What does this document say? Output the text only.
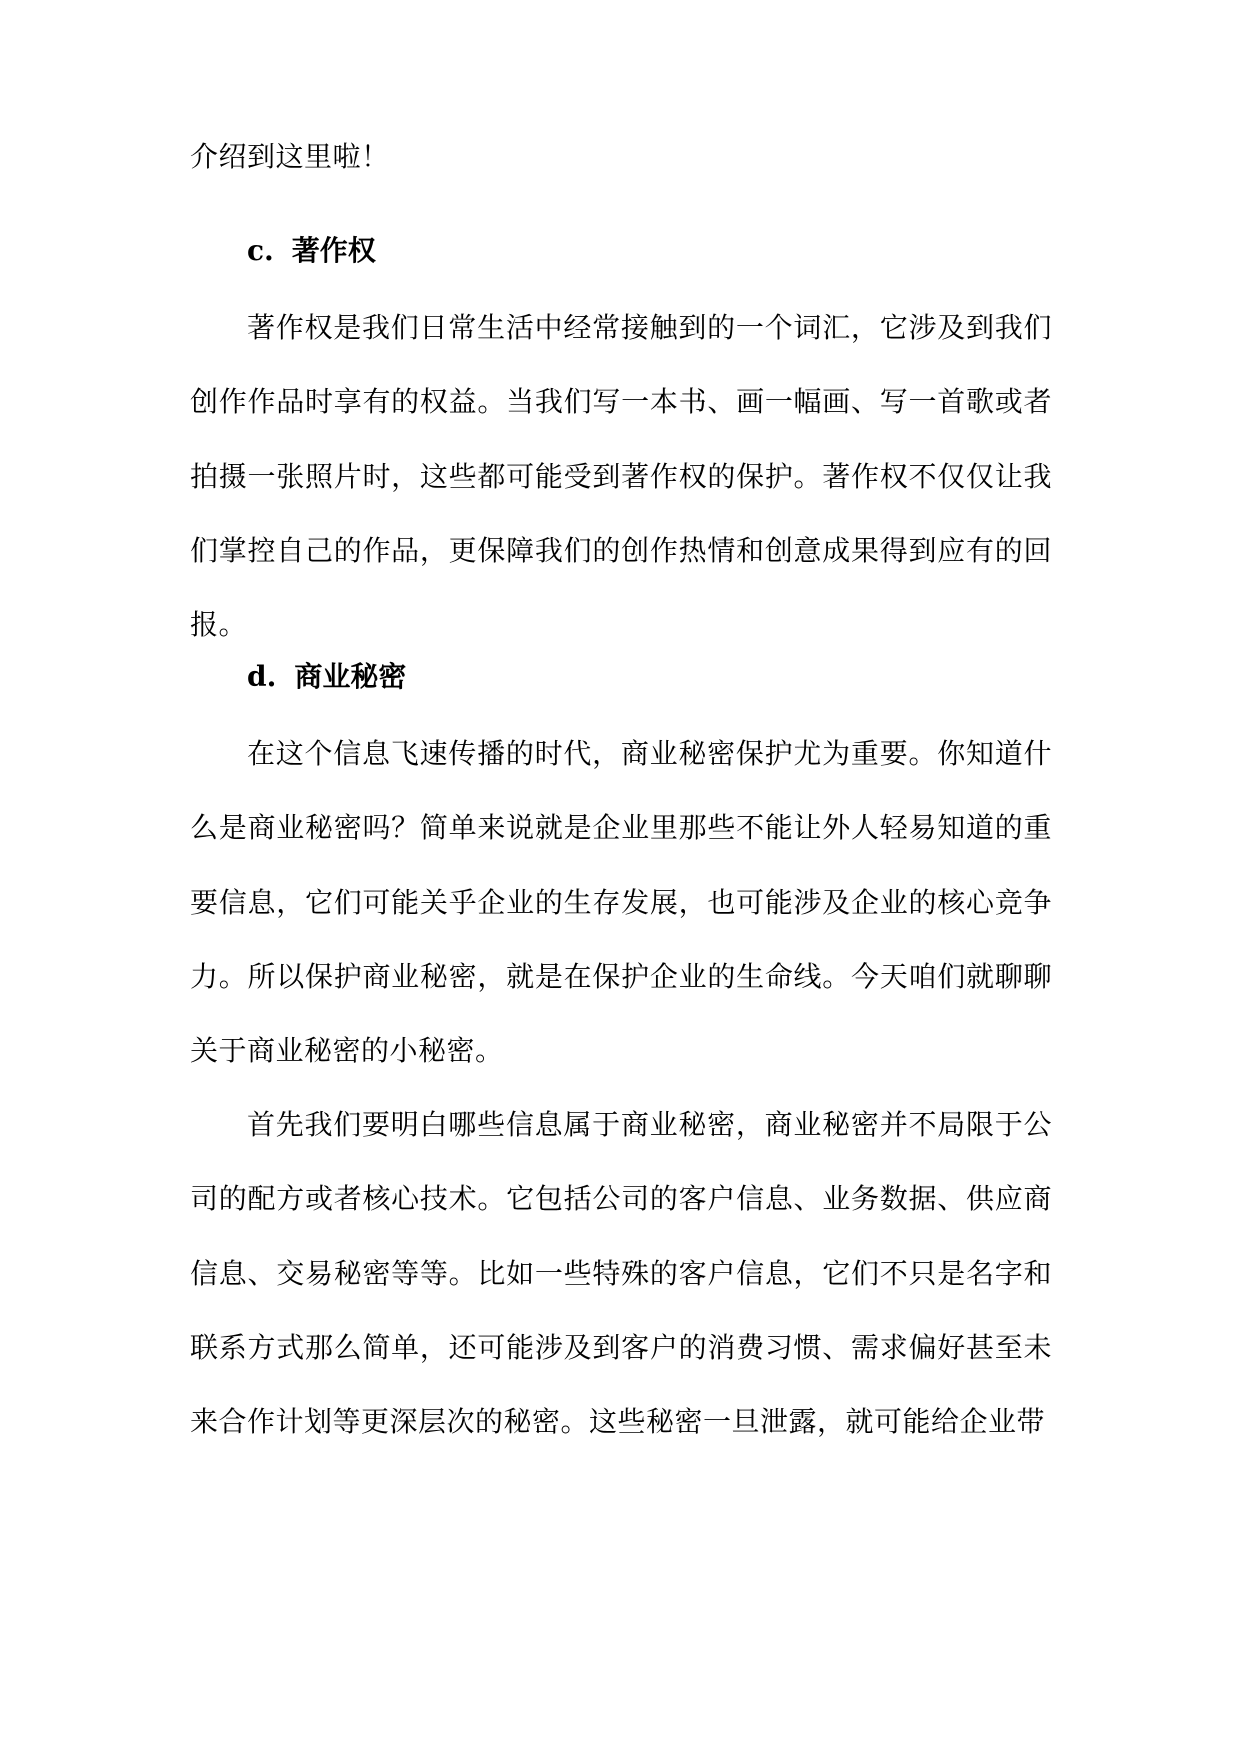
介绍到这里啦！

c. 著作权

著作权是我们日常生活中经常接触到的一个词汇，它涉及到我们创作作品时享有的权益。当我们写一本书、画一幅画、写一首歌或者拍摄一张照片时，这些都可能受到著作权的保护。著作权不仅仅让我们掌控自己的作品，更保障我们的创作热情和创意成果得到应有的回报。

d. 商业秘密

在这个信息飞速传播的时代，商业秘密保护尤为重要。你知道什么是商业秘密吗？简单来说就是企业里那些不能让外人轻易知道的重要信息，它们可能关乎企业的生存发展，也可能涉及企业的核心竞争力。所以保护商业秘密，就是在保护企业的生命线。今天咱们就聊聊关于商业秘密的小秘密。

首先我们要明白哪些信息属于商业秘密，商业秘密并不局限于公司的配方或者核心技术。它包括公司的客户信息、业务数据、供应商信息、交易秘密等等。比如一些特殊的客户信息，它们不只是名字和联系方式那么简单，还可能涉及到客户的消费习惯、需求偏好甚至未来合作计划等更深层次的秘密。这些秘密一旦泄露，就可能给企业带
